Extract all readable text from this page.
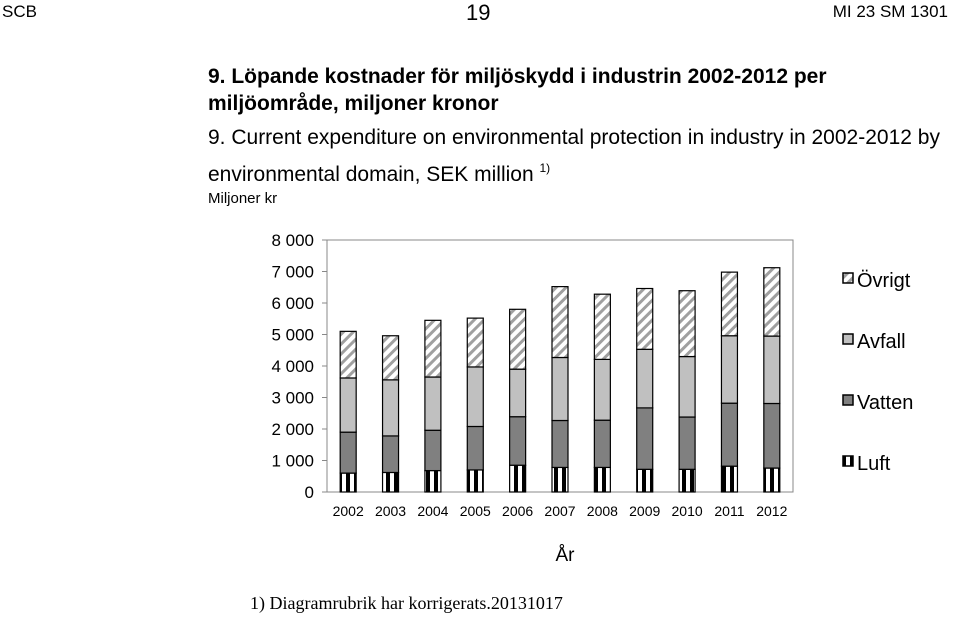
SCB	19	MI 23 SM 1301
9. Löpande kostnader för miljöskydd i industrin 2002-2012 per miljöområde, miljoner kronor
9. Current expenditure on environmental protection in industry in 2002-2012 by environmental domain, SEK million $^{1)}$
Miljoner kr
8 000
7 000
6 000
5 000
4 000
3 000
2 000
1 000
0
2002 2003 2004 2005 2006 2007 2008 2009 2010 2011 2012
År
Övrigt
Avfall
Vatten
Luft
1) Diagramrubrik har korrigerats.20131017
